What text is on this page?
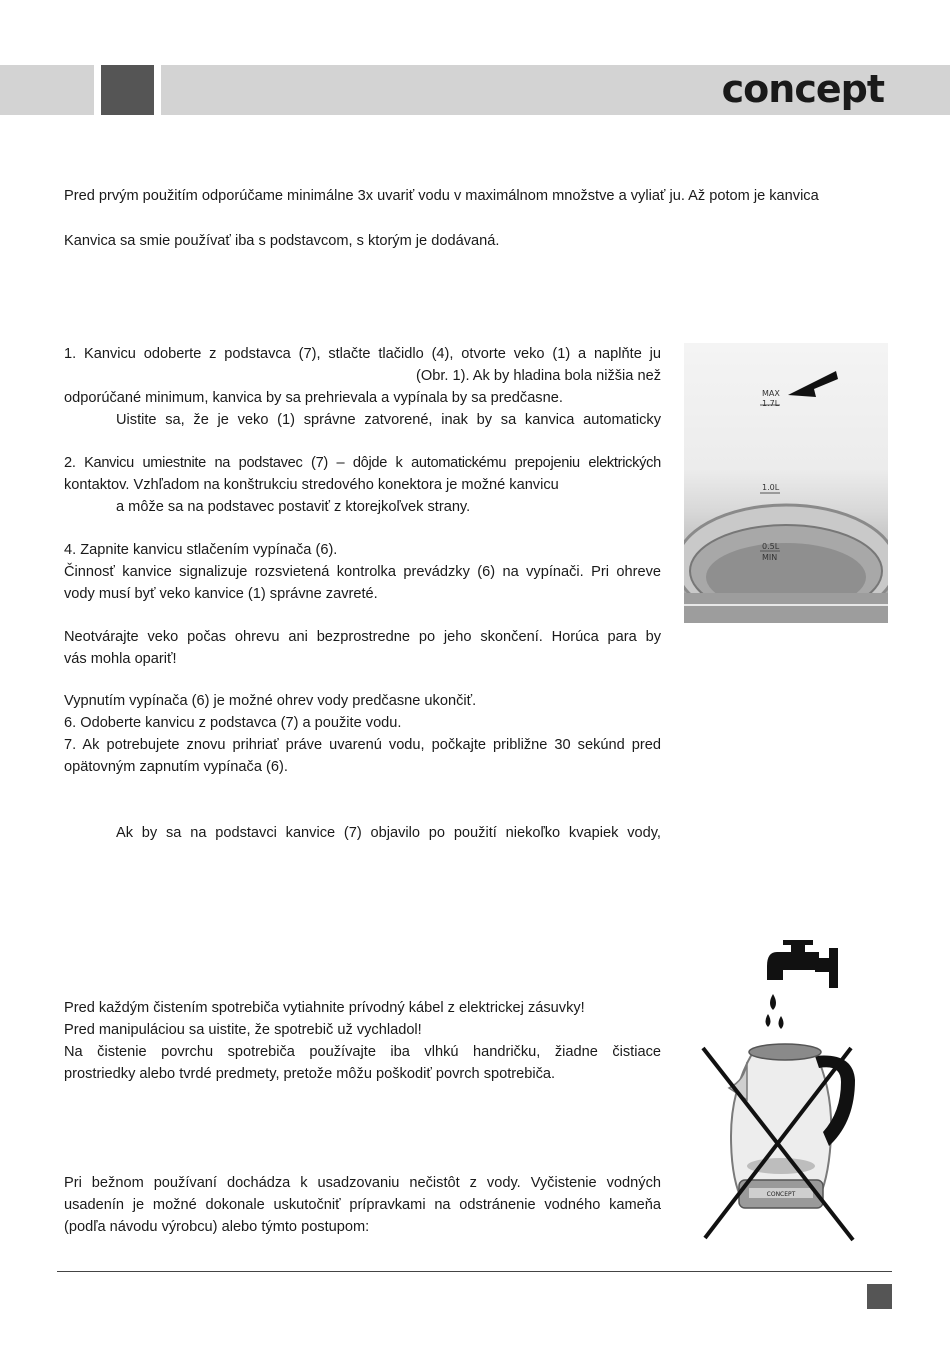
concept

Pred prvým použitím odporúčame minimálne 3x uvariť vodu v maximálnom množstve a vyliať ju. Až potom je kanvica

Kanvica sa smie používať iba s podstavcom, s ktorým je dodávaná.

1. Kanvicu odoberte z podstavca (7), stlačte tlačidlo (4), otvorte veko (1) a naplňte ju
(Obr. 1). Ak by hladina bola nižšia než
odporúčané minimum, kanvica by sa prehrievala a vypínala by sa predčasne.
Uistite sa, že je veko (1) správne zatvorené, inak by sa kanvica automaticky
2. Kanvicu umiestnite na podstavec (7) – dôjde k automatickému prepojeniu elektrických
kontaktov. Vzhľadom na konštrukciu stredového konektora je možné kanvicu
a môže sa na podstavec postaviť z ktorejkoľvek strany.
4. Zapnite kanvicu stlačením vypínača (6).
Činnosť kanvice signalizuje rozsvietená kontrolka prevádzky (6) na vypínači. Pri ohreve
vody musí byť veko kanvice (1) správne zavreté.
Neotvárajte veko počas ohrevu ani bezprostredne po jeho skončení. Horúca para by
vás mohla opariť!
Vypnutím vypínača (6) je možné ohrev vody predčasne ukončiť.
6. Odoberte kanvicu z podstavca (7) a použite vodu.
7. Ak potrebujete znovu prihriať práve uvarenú vodu, počkajte približne 30 sekúnd pred
opätovným zapnutím vypínača (6).
Ak by sa na podstavci kanvice (7) objavilo po použití niekoľko kvapiek vody,
MAX
1.7L
1.0L
0.5L
MIN
Pred každým čistením spotrebiča vytiahnite prívodný kábel z elektrickej zásuvky!
Pred manipuláciou sa uistite, že spotrebič už vychladol!
Na čistenie povrchu spotrebiča používajte iba vlhkú handričku, žiadne čistiace
prostriedky alebo tvrdé predmety, pretože môžu poškodiť povrch spotrebiča.
Pri bežnom používaní dochádza k usadzovaniu nečistôt z vody. Vyčistenie vodných
usadenín je možné dokonale uskutočniť prípravkami na odstránenie vodného kameňa
(podľa návodu výrobcu) alebo týmto postupom:
CONCEPT
